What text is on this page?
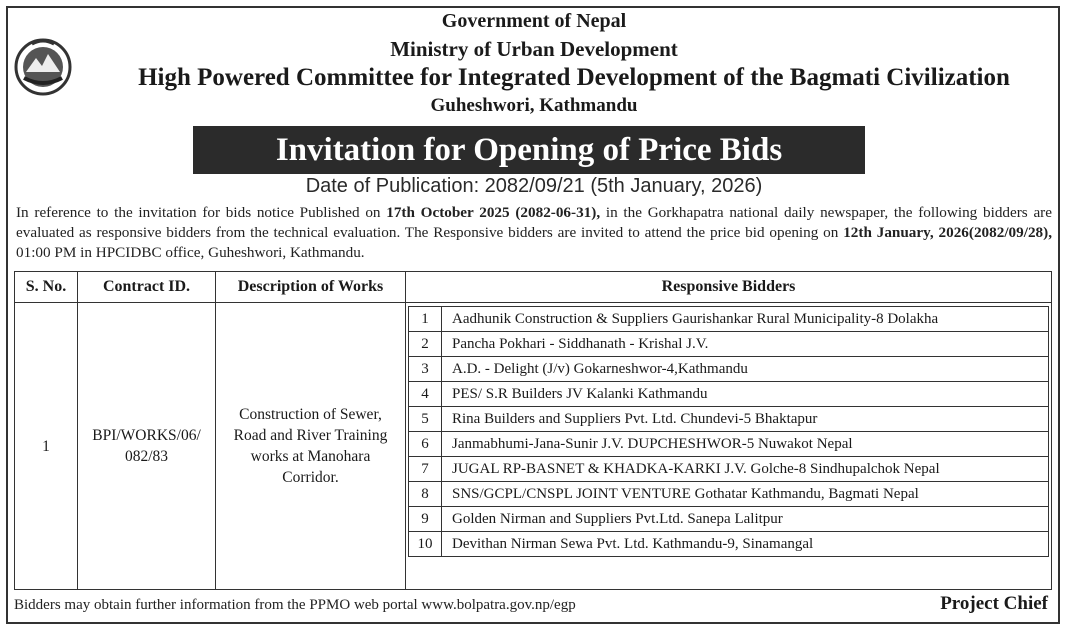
Government of Nepal
Ministry of Urban Development
High Powered Committee for Integrated Development of the Bagmati Civilization
Guheshwori, Kathmandu
Invitation for Opening of Price Bids
Date of Publication: 2082/09/21 (5th January, 2026)
In reference to the invitation for bids notice Published on 17th October 2025 (2082-06-31), in the Gorkhapatra national daily newspaper, the following bidders are evaluated as responsive bidders from the technical evaluation. The Responsive bidders are invited to attend the price bid opening on 12th January, 2026(2082/09/28), 01:00 PM in HPCIDBC office, Guheshwori, Kathmandu.
S. No.	Contract ID.	Description of Works	Responsive Bidders
1	BPI/WORKS/06/ 082/83	Construction of Sewer, Road and River Training works at Manohara Corridor.	
1	Aadhunik Construction & Suppliers Gaurishankar Rural Municipality-8 Dolakha
2	Pancha Pokhari - Siddhanath - Krishal J.V.
3	A.D. - Delight (J/v) Gokarneshwor-4,Kathmandu
4	PES/ S.R Builders JV Kalanki Kathmandu
5	Rina Builders and Suppliers Pvt. Ltd. Chundevi-5 Bhaktapur
6	Janmabhumi-Jana-Sunir J.V. DUPCHESHWOR-5 Nuwakot Nepal
7	JUGAL RP-BASNET & KHADKA-KARKI J.V. Golche-8 Sindhupalchok Nepal
8	SNS/GCPL/CNSPL JOINT VENTURE Gothatar Kathmandu, Bagmati Nepal
9	Golden Nirman and Suppliers Pvt.Ltd. Sanepa Lalitpur
10	Devithan Nirman Sewa Pvt. Ltd. Kathmandu-9, Sinamangal
Bidders may obtain further information from the PPMO web portal www.bolpatra.gov.np/egp	Project Chief
